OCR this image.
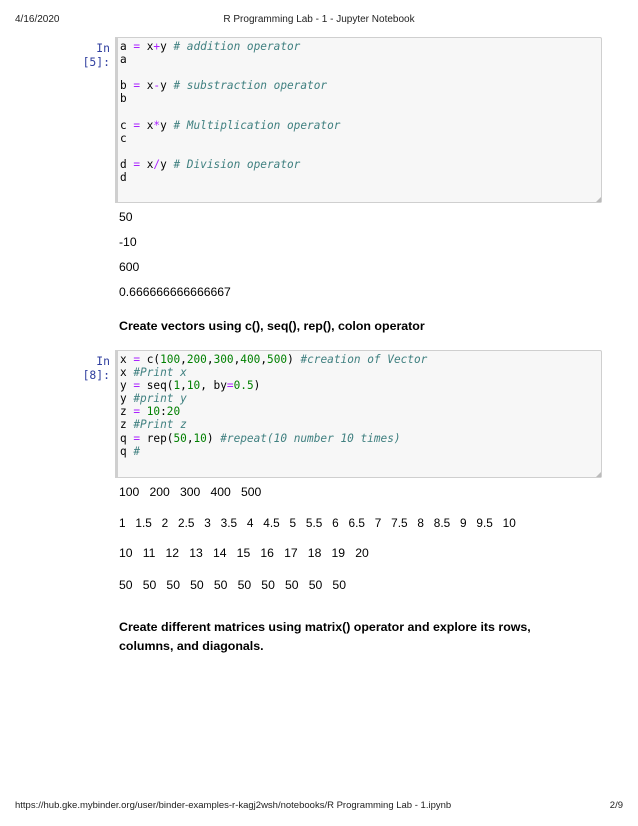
4/16/2020	R Programming Lab - 1 - Jupyter Notebook
In [5]:
a = x+y # addition operator
a
b = x-y # substraction operator
b
c = x*y # Multiplication operator
c
d = x/y # Division operator
d
50
-10
600
0.666666666666667
Create vectors using c(), seq(), rep(), colon operator
In [8]:
x = c(100,200,300,400,500) #creation of Vector
x #Print x
y = seq(1,10, by=0.5)
y #print y
z = 10:20
z #Print z
q = rep(50,10) #repeat(10 number 10 times)
q #
100   200   300   400   500
1   1.5   2   2.5   3   3.5   4   4.5   5   5.5   6   6.5   7   7.5   8   8.5   9   9.5   10
10   11   12   13   14   15   16   17   18   19   20
50   50   50   50   50   50   50   50   50   50
Create different matrices using matrix() operator and explore its rows, columns, and diagonals.
https://hub.gke.mybinder.org/user/binder-examples-r-kagj2wsh/notebooks/R Programming Lab - 1.ipynb	2/9
